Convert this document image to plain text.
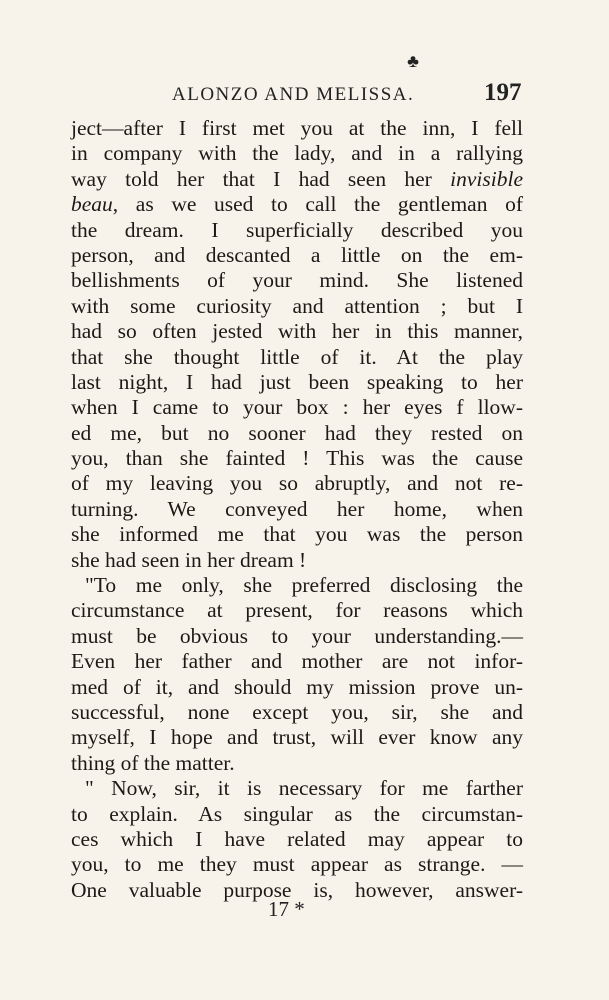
♣
ALONZO AND MELISSA.	197
ject—after I first met you at the inn, I fell
in company with the lady, and in a rallying
way told her that I had seen her invisible
beau, as we used to call the gentleman of
the dream. I superficially described you
person, and descanted a little on the em-
bellishments of your mind. She listened
with some curiosity and attention ; but I
had so often jested with her in this manner,
that she thought little of it. At the play
last night, I had just been speaking to her
when I came to your box : her eyes f llow-
ed me, but no sooner had they rested on
you, than she fainted ! This was the cause
of my leaving you so abruptly, and not re-
turning. We conveyed her home, when
she informed me that you was the person
she had seen in her dream !
"To me only, she preferred disclosing the
circumstance at present, for reasons which
must be obvious to your understanding.—
Even her father and mother are not infor-
med of it, and should my mission prove un-
successful, none except you, sir, she and
myself, I hope and trust, will ever know any
thing of the matter.
" Now, sir, it is necessary for me farther
to explain. As singular as the circumstan-
ces which I have related may appear to
you, to me they must appear as strange. —
One valuable purpose is, however, answer-
17 *
